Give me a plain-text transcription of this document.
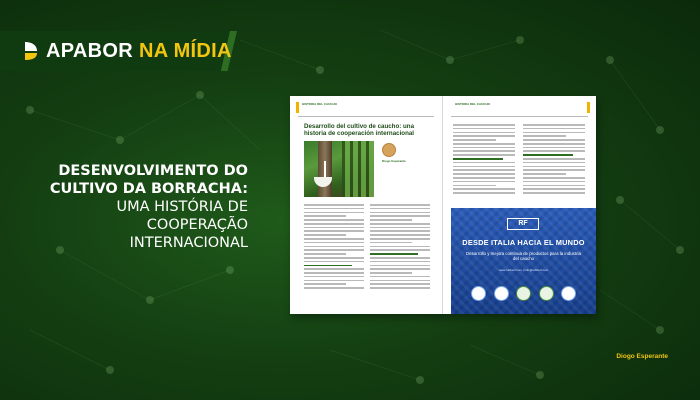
APABOR NA MÍDIA
DESENVOLVIMENTO DO
CULTIVO DA BORRACHA:
UMA HISTÓRIA DE
COOPERAÇÃO
INTERNACIONAL
HISTORIA DEL CAUCHO
Desarrollo del cultivo de caucho: una historia de cooperación internacional
Diogo Esperante
HISTORIA DEL CAUCHO
RF
DESDE ITALIA HACIA EL MUNDO
Desarrollo y mejora continua de productos para la industria del caucho
www.rubberf.com | info@rubberf.com
Diogo Esperante
